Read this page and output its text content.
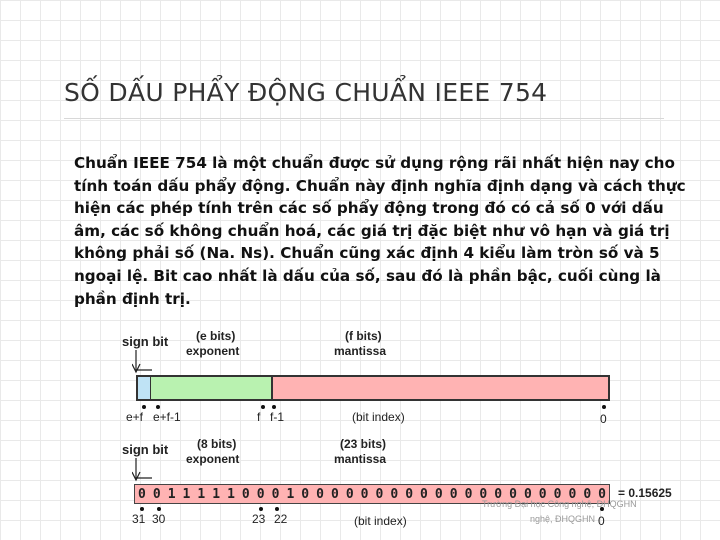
SỐ DẤU PHẨY ĐỘNG CHUẨN IEEE 754
Chuẩn IEEE 754 là một chuẩn được sử dụng rộng rãi nhất hiện nay cho tính toán dấu phẩy động. Chuẩn này định nghĩa định dạng và cách thực hiện các phép tính trên các số phẩy động trong đó có cả số 0 với dấu âm, các số không chuẩn hoá, các giá trị đặc biệt như vô hạn và giá trị không phải số (Na. Ns). Chuẩn cũng xác định 4 kiểu làm tròn số và 5 ngoại lệ. Bit cao nhất là dấu của số, sau đó là phần bậc, cuối cùng là phần định trị.
sign bit (e bits)
exponent
(f bits)
mantissa
e+f e+f-1	f f-1	(bit index)	0
sign bit (8 bits)
exponent
(23 bits)
mantissa
0 0 1 1 1 1 1 0 0 0 1 0 0 0 0 0 0 0 0 0 0 0 0 0 0 0 0 0 0 0 0 0 = 0.15625
31 30	23 22	(bit index)	0
Trường Đại học Công nghệ, ĐHQGHN
nghệ, ĐHQGHN
